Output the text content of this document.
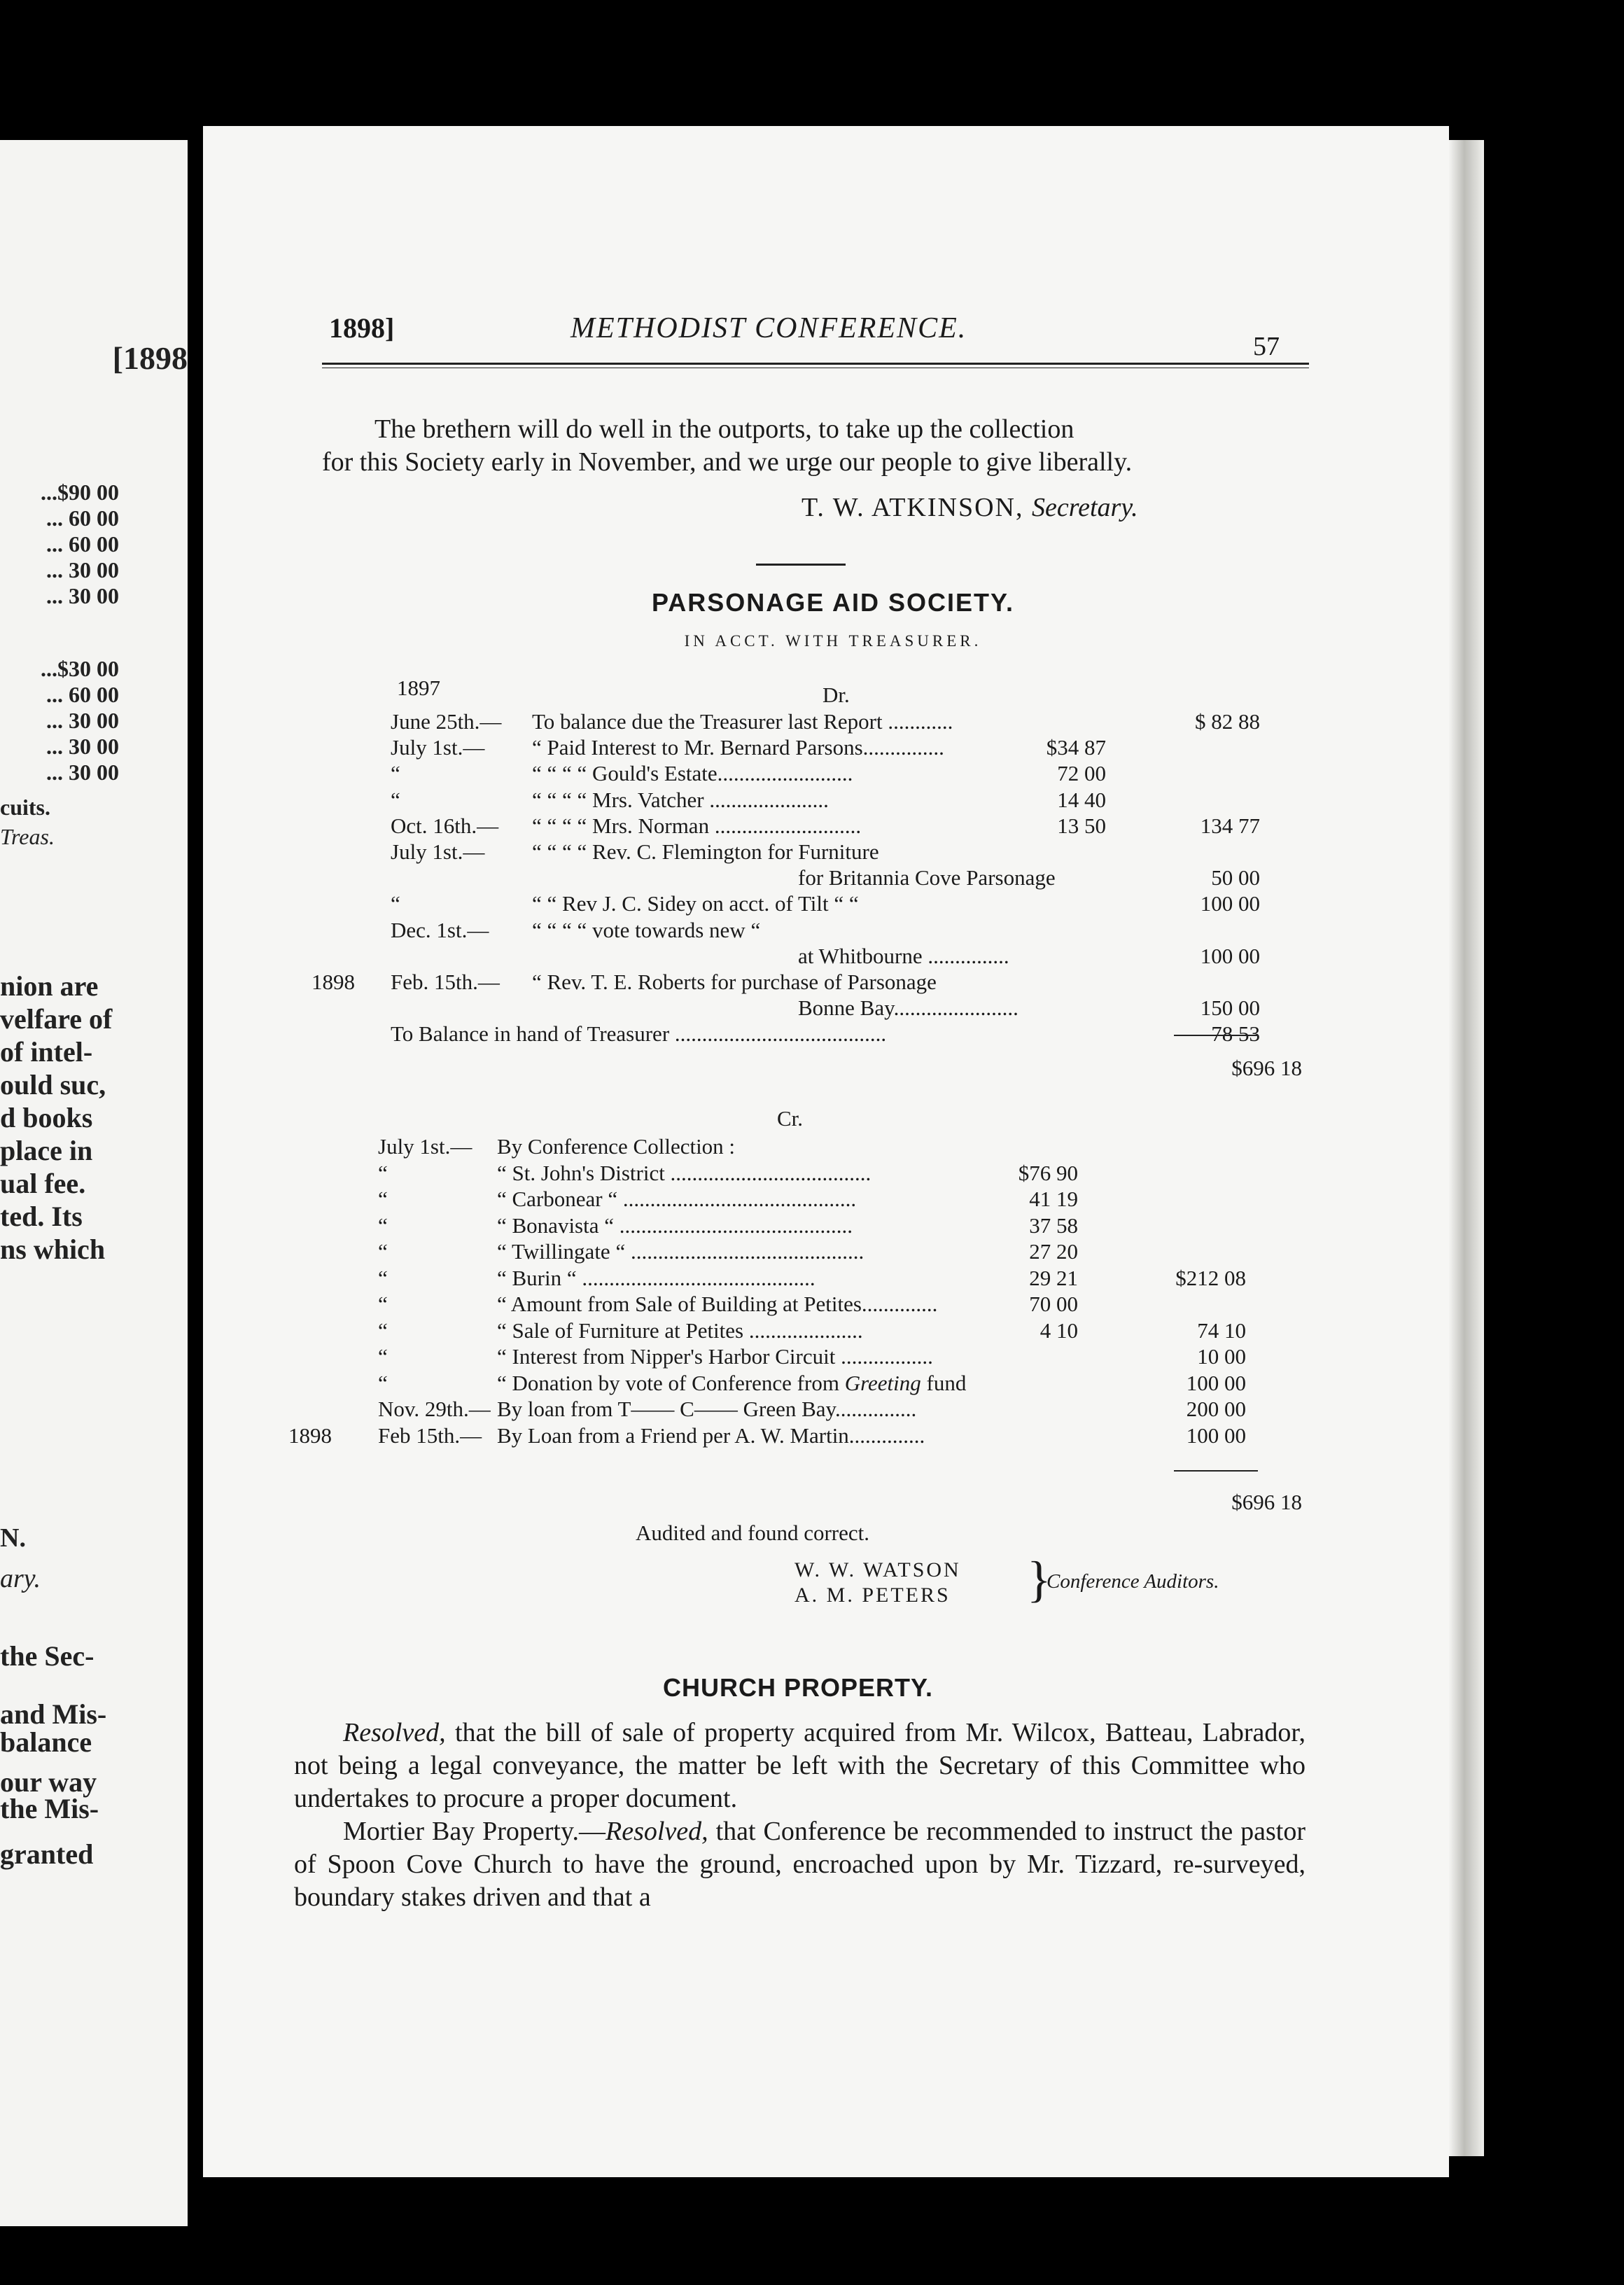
[1898
...$90 00
... 60 00
... 60 00
... 30 00
... 30 00
...$30 00
... 60 00
... 30 00
... 30 00
... 30 00
cuits.
Treas.
nion are
velfare of
of intel-
ould suc,
d books
place in
ual fee.
ted. Its
ns which
N.
ary.
the Sec-
and Mis-
balance
our way
the Mis-
granted
1898]	METHODIST CONFERENCE.
57
The brethern will do well in the outports, to take up the collection
for this Society early in November, and we urge our people to give liberally.
T. W. ATKINSON, Secretary.
PARSONAGE AID SOCIETY.
IN ACCT. WITH TREASURER.
1897	Dr.
June 25th.— To balance due the Treasurer last Report ............	$ 82 88
July 1st.— “ Paid Interest to Mr. Bernard Parsons...............	$34 87
“	“ “ “ “ Gould's Estate.........................	72 00
“	“ “ “ “ Mrs. Vatcher ......................	14 40
Oct. 16th.— “ “ “ “ Mrs. Norman ...........................	13 50	134 77
July 1st.— “ “ “ “ Rev. C. Flemington for Furniture
for Britannia Cove Parsonage	50 00
“	“ “ Rev J. C. Sidey on acct. of Tilt “ “	100 00
Dec. 1st.— “ “ “ “ vote towards new “
at Whitbourne ...............	100 00
1898 Feb. 15th.— “ Rev. T. E. Roberts for purchase of Parsonage
Bonne Bay.......................	150 00
To Balance in hand of Treasurer .......................................	78 53
$696 18
Cr.
July 1st.— By Conference Collection :
“	“ St. John's District .....................................	$76 90
“	“ Carbonear “ ...........................................	41 19
“	“ Bonavista “ ...........................................	37 58
“	“ Twillingate “ ...........................................	27 20
“	“ Burin “ ...........................................	29 21	$212 08
“	“ Amount from Sale of Building at Petites..............	70 00
“	“ Sale of Furniture at Petites .....................	4 10	74 10
“	“ Interest from Nipper's Harbor Circuit .................	10 00
“	“ Donation by vote of Conference from Greeting fund	100 00
Nov. 29th.— By loan from T—— C—— Green Bay...............	200 00
1898 Feb 15th.— By Loan from a Friend per A. W. Martin..............	100 00
$696 18
Audited and found correct.
W. W. WATSON
A. M. PETERS }
Conference Auditors.
CHURCH PROPERTY.
Resolved, that the bill of sale of property acquired from Mr. Wilcox, Batteau, Labrador, not being a legal conveyance, the matter be left with the Secretary of this Committee who undertakes to procure a proper document.
Mortier Bay Property.—Resolved, that Conference be recommended to instruct the pastor of Spoon Cove Church to have the ground, encroached upon by Mr. Tizzard, re-surveyed, boundary stakes driven and that a
